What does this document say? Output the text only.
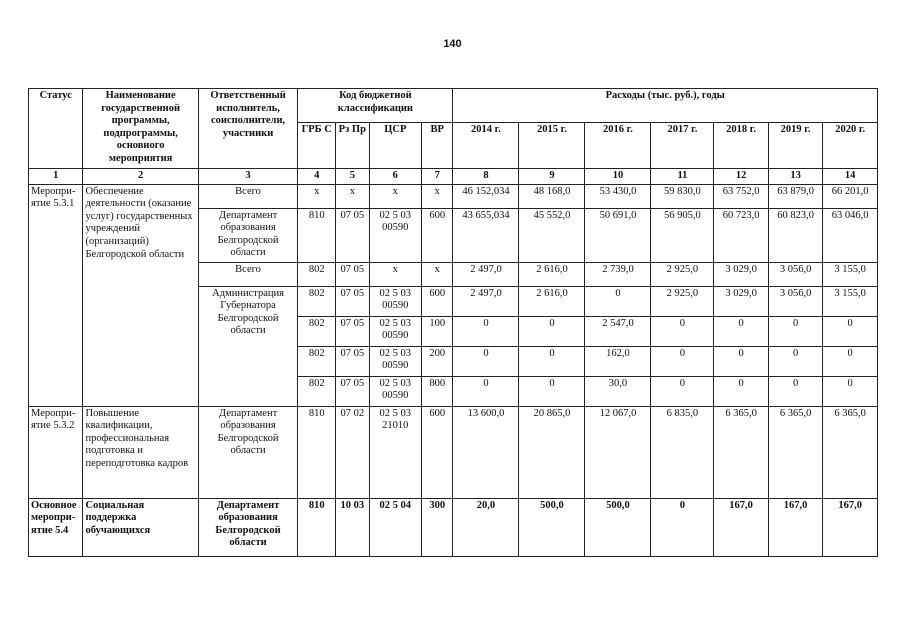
140
Статус	Наименование государственной программы, подпрограммы, основного мероприятия	Ответственный исполнитель, соисполнители, участники	Код бюджетной классификации				Расходы (тыс. руб.), годы						
			ГРБ С	Рз Пр	ЦСР	ВР	2014 г.	2015 г.	2016 г.	2017 г.	2018 г.	2019 г.	2020 г.
1	2	3	4	5	6	7	8	9	10	11	12	13	14
Меропри-ятие 5.3.1	Обеспечение деятельности (оказание услуг) государственных учреждений (организаций) Белгородской области	Всего	х	х	х	х	46 152,034	48 168,0	53 430,0	59 830,0	63 752,0	63 879,0	66 201,0
		Департамент образования Белгородской области	810	07 05	02 5 03 00590	600	43 655,034	45 552,0	50 691,0	56 905,0	60 723,0	60 823,0	63 046,0
		Всего	802	07 05	х	х	2 497,0	2 616,0	2 739,0	2 925,0	3 029,0	3 056,0	3 155,0
		Администрация Губернатора Белгородской области	802	07 05	02 5 03 00590	600	2 497,0	2 616,0	0	2 925,0	3 029,0	3 056,0	3 155,0
			802	07 05	02 5 03 00590	100	0	0	2 547,0	0	0	0	0
			802	07 05	02 5 03 00590	200	0	0	162,0	0	0	0	0
			802	07 05	02 5 03 00590	800	0	0	30,0	0	0	0	0
Меропри-ятие 5.3.2	Повышение квалификации, профессиональная подготовка и переподготовка кадров	Департамент образования Белгородской области	810	07 02	02 5 03 21010	600	13 600,0	20 865,0	12 067,0	6 835,0	6 365,0	6 365,0	6 365,0
Основное меропри-ятие 5.4	Социальная поддержка обучающихся	Департамент образования Белгородской области	810	10 03	02 5 04	300	20,0	500,0	500,0	0	167,0	167,0	167,0
